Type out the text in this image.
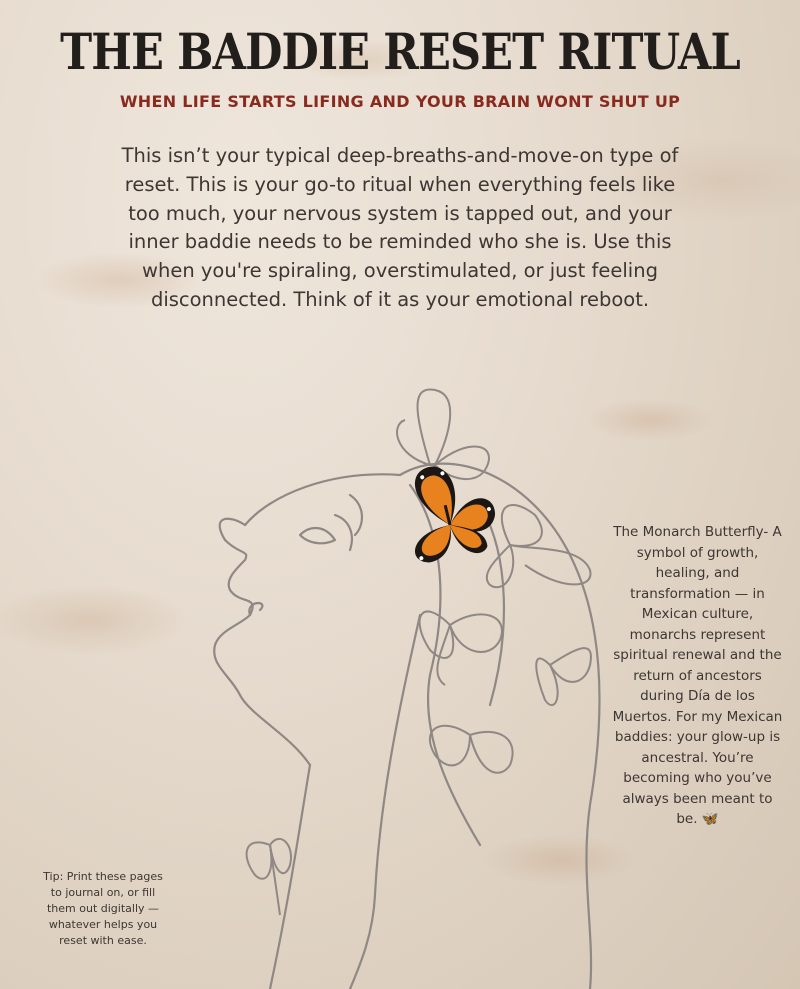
THE BADDIE RESET RITUAL
WHEN LIFE STARTS LIFING AND YOUR BRAIN WONT SHUT UP

This isn’t your typical deep-breaths-and-move-on type of reset. This is your go-to ritual when everything feels like too much, your nervous system is tapped out, and your inner baddie needs to be reminded who she is. Use this when you're spiraling, overstimulated, or just feeling disconnected. Think of it as your emotional reboot.

The Monarch Butterfly- A symbol of growth, healing, and transformation — in Mexican culture, monarchs represent spiritual renewal and the return of ancestors during Día de los Muertos. For my Mexican baddies: your glow-up is ancestral. You’re becoming who you’ve always been meant to be. 🦋
Tip: Print these pages to journal on, or fill them out digitally — whatever helps you reset with ease.
